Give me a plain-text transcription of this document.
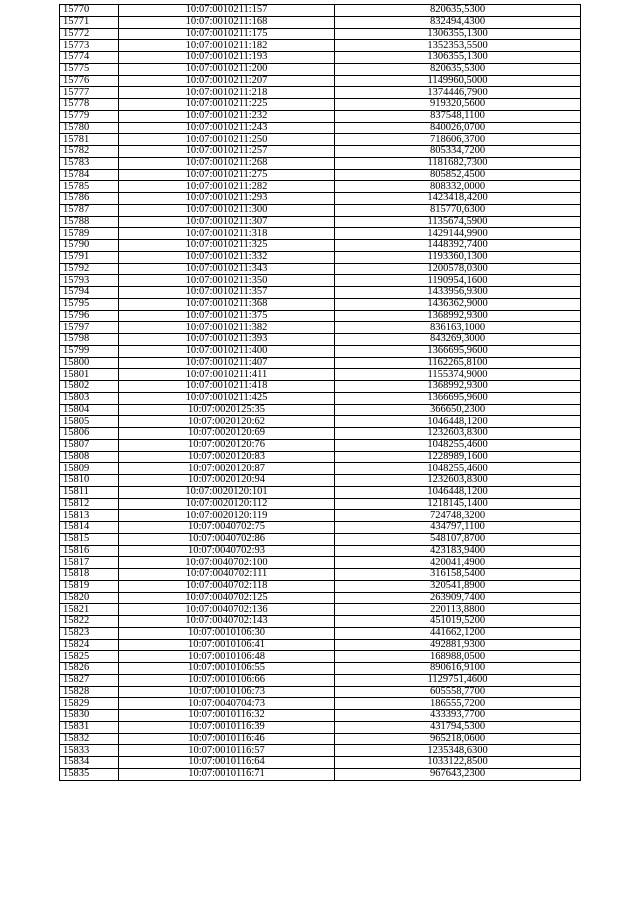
15770	10:07:0010211:157	820635,5300
15771	10:07:0010211:168	832494,4300
15772	10:07:0010211:175	1306355,1300
15773	10:07:0010211:182	1352353,5500
15774	10:07:0010211:193	1306355,1300
15775	10:07:0010211:200	820635,5300
15776	10:07:0010211:207	1149960,5000
15777	10:07:0010211:218	1374446,7900
15778	10:07:0010211:225	919320,5600
15779	10:07:0010211:232	837548,1100
15780	10:07:0010211:243	840026,0700
15781	10:07:0010211:250	718606,3700
15782	10:07:0010211:257	805334,7200
15783	10:07:0010211:268	1181682,7300
15784	10:07:0010211:275	805852,4500
15785	10:07:0010211:282	808332,0000
15786	10:07:0010211:293	1423418,4200
15787	10:07:0010211:300	815770,6300
15788	10:07:0010211:307	1135674,5900
15789	10:07:0010211:318	1429144,9900
15790	10:07:0010211:325	1448392,7400
15791	10:07:0010211:332	1193360,1300
15792	10:07:0010211:343	1200578,0300
15793	10:07:0010211:350	1190954,1600
15794	10:07:0010211:357	1433956,9300
15795	10:07:0010211:368	1436362,9000
15796	10:07:0010211:375	1368992,9300
15797	10:07:0010211:382	836163,1000
15798	10:07:0010211:393	843269,3000
15799	10:07:0010211:400	1366695,9600
15800	10:07:0010211:407	1162265,8100
15801	10:07:0010211:411	1155374,9000
15802	10:07:0010211:418	1368992,9300
15803	10:07:0010211:425	1366695,9600
15804	10:07:0020125:35	366650,2300
15805	10:07:0020120:62	1046448,1200
15806	10:07:0020120:69	1232603,8300
15807	10:07:0020120:76	1048255,4600
15808	10:07:0020120:83	1228989,1600
15809	10:07:0020120:87	1048255,4600
15810	10:07:0020120:94	1232603,8300
15811	10:07:0020120:101	1046448,1200
15812	10:07:0020120:112	1218145,1400
15813	10:07:0020120:119	724748,3200
15814	10:07:0040702:75	434797,1100
15815	10:07:0040702:86	548107,8700
15816	10:07:0040702:93	423183,9400
15817	10:07:0040702:100	420041,4900
15818	10:07:0040702:111	316158,5400
15819	10:07:0040702:118	320541,8900
15820	10:07:0040702:125	263909,7400
15821	10:07:0040702:136	220113,8800
15822	10:07:0040702:143	451019,5200
15823	10:07:0010106:30	441662,1200
15824	10:07:0010106:41	492881,9300
15825	10:07:0010106:48	168988,0500
15826	10:07:0010106:55	890616,9100
15827	10:07:0010106:66	1129751,4600
15828	10:07:0010106:73	605558,7700
15829	10:07:0040704:73	186555,7200
15830	10:07:0010116:32	433393,7700
15831	10:07:0010116:39	431794,5300
15832	10:07:0010116:46	965218,0600
15833	10:07:0010116:57	1235348,6300
15834	10:07:0010116:64	1033122,8500
15835	10:07:0010116:71	967643,2300
